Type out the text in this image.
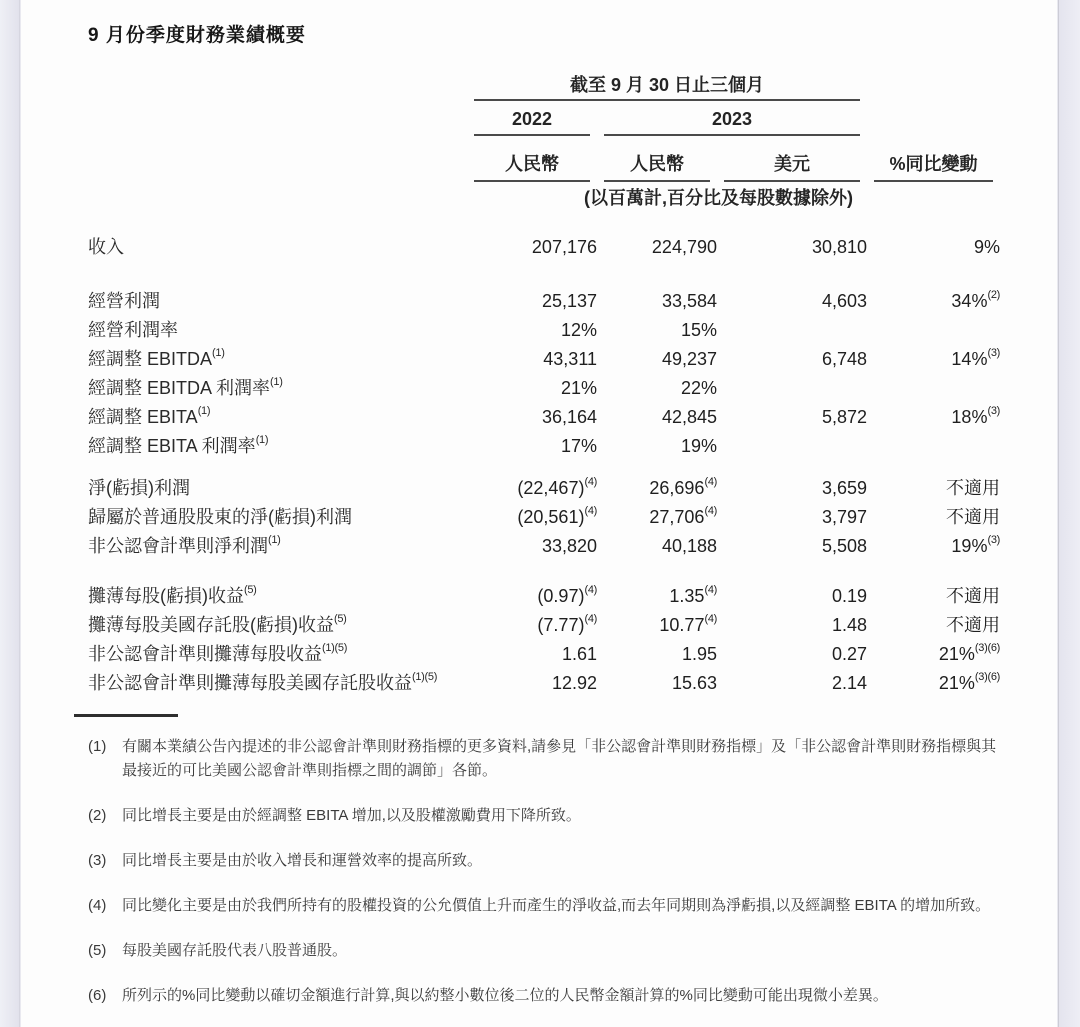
9 月份季度財務業績概要
截至 9 月 30 日止三個月
2022	2023
人民幣	人民幣	美元	%同比變動
(以百萬計,百分比及每股數據除外)
收入	207,176	224,790	30,810	9%
經營利潤	25,137	33,584	4,603	34%$^{(2)}$
經營利潤率	12%	15%
經調整 EBITDA$^{(1)}$	43,311	49,237	6,748	14%$^{(3)}$
經調整 EBITDA 利潤率$^{(1)}$	21%	22%
經調整 EBITA$^{(1)}$	36,164	42,845	5,872	18%$^{(3)}$
經調整 EBITA 利潤率$^{(1)}$	17%	19%
淨(虧損)利潤	$(22,467)^{(4)}$	26,696$^{(4)}$	3,659	不適用
歸屬於普通股股東的淨(虧損)利潤	$(20,561)^{(4)}$	27,706$^{(4)}$	3,797	不適用
非公認會計準則淨利潤$^{(1)}$	33,820	40,188	5,508	19%$^{(3)}$
攤薄每股(虧損)收益$^{(5)}$	$(0.97)^{(4)}$	1.35$^{(4)}$	0.19	不適用
攤薄每股美國存託股(虧損)收益$^{(5)}$	$(7.77)^{(4)}$	10.77$^{(4)}$	1.48	不適用
非公認會計準則攤薄每股收益$^{(1)(5)}$	1.61	1.95	0.27	21%$^{(3)(6)}$
非公認會計準則攤薄每股美國存託股收益$^{(1)(5)}$	12.92	15.63	2.14	21%$^{(3)(6)}$
(1)	有關本業績公告內提述的非公認會計準則財務指標的更多資料,請參見「非公認會計準則財務指標」及「非公認會計準則財務指標與其最接近的可比美國公認會計準則指標之間的調節」各節。
(2)	同比增長主要是由於經調整 EBITA 增加,以及股權激勵費用下降所致。
(3)	同比增長主要是由於收入增長和運營效率的提高所致。
(4)	同比變化主要是由於我們所持有的股權投資的公允價值上升而產生的淨收益,而去年同期則為淨虧損,以及經調整 EBITA 的增加所致。
(5)	每股美國存託股代表八股普通股。
(6)	所列示的%同比變動以確切金額進行計算,與以約整小數位後二位的人民幣金額計算的%同比變動可能出現微小差異。
